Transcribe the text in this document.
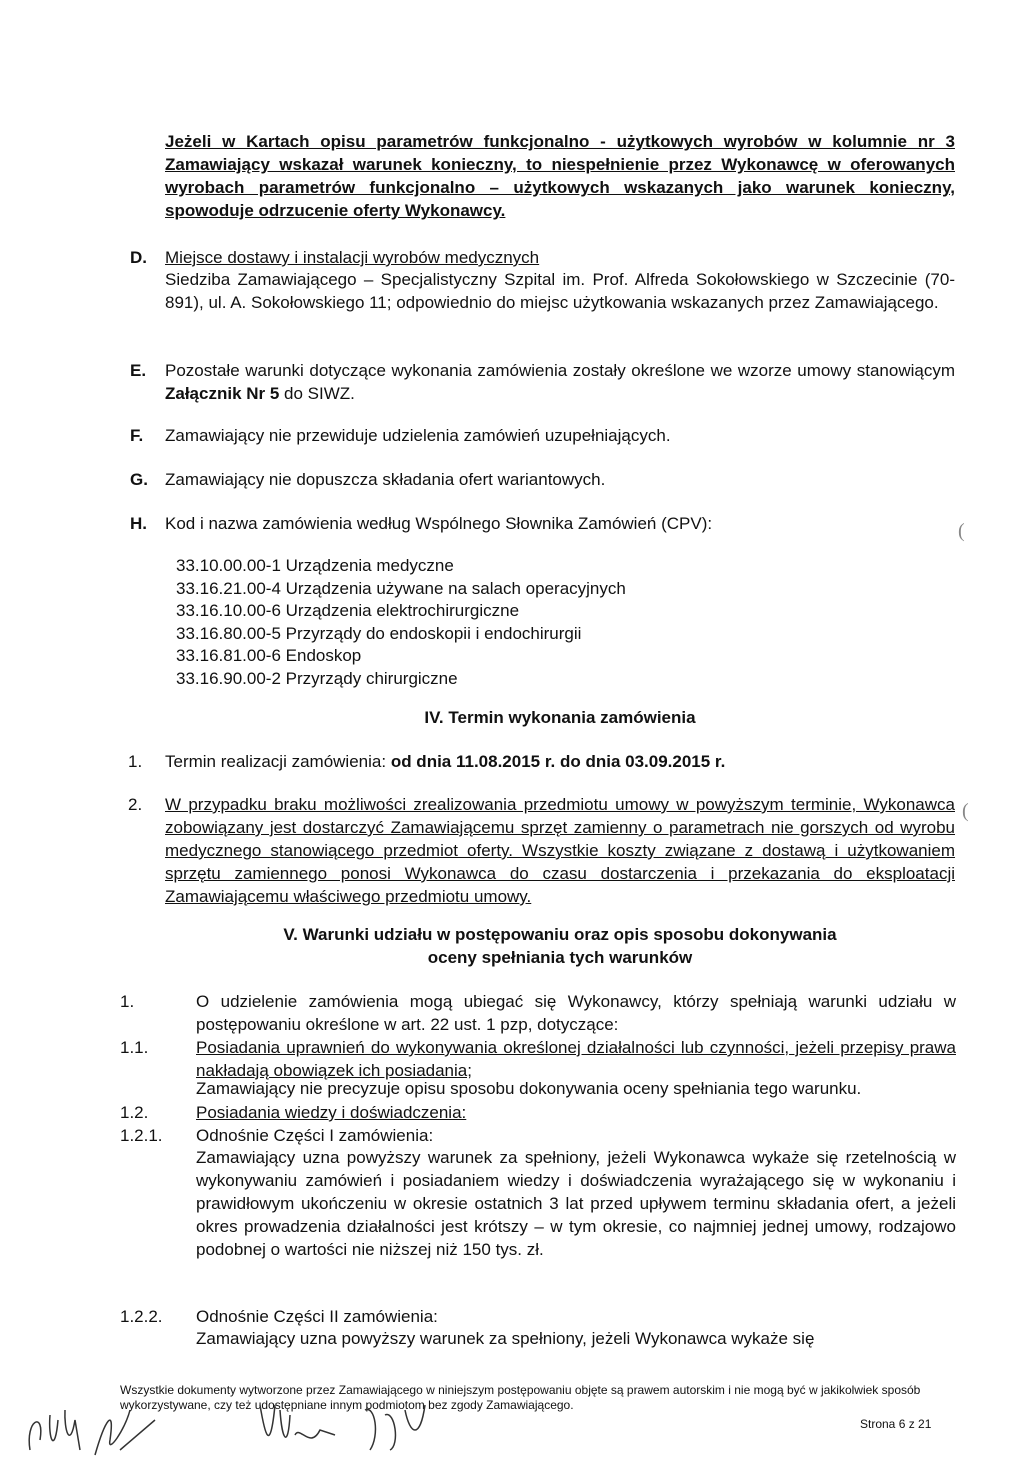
Jeżeli w Kartach opisu parametrów funkcjonalno - użytkowych wyrobów w kolumnie nr 3 Zamawiający wskazał warunek konieczny, to niespełnienie przez Wykonawcę w oferowanych wyrobach parametrów funkcjonalno – użytkowych wskazanych jako warunek konieczny, spowoduje odrzucenie oferty Wykonawcy.
D. Miejsce dostawy i instalacji wyrobów medycznych
Siedziba Zamawiającego – Specjalistyczny Szpital im. Prof. Alfreda Sokołowskiego w Szczecinie (70-891), ul. A. Sokołowskiego 11; odpowiednio do miejsc użytkowania wskazanych przez Zamawiającego.
E. Pozostałe warunki dotyczące wykonania zamówienia zostały określone we wzorze umowy stanowiącym Załącznik Nr 5 do SIWZ.
F. Zamawiający nie przewiduje udzielenia zamówień uzupełniających.
G. Zamawiający nie dopuszcza składania ofert wariantowych.
H. Kod i nazwa zamówienia według Wspólnego Słownika Zamówień (CPV):
33.10.00.00-1 Urządzenia medyczne
33.16.21.00-4 Urządzenia używane na salach operacyjnych
33.16.10.00-6 Urządzenia elektrochirurgiczne
33.16.80.00-5 Przyrządy do endoskopii i endochirurgii
33.16.81.00-6 Endoskop
33.16.90.00-2 Przyrządy chirurgiczne
IV. Termin wykonania zamówienia
1. Termin realizacji zamówienia: od dnia 11.08.2015 r. do dnia 03.09.2015 r.
2. W przypadku braku możliwości zrealizowania przedmiotu umowy w powyższym terminie, Wykonawca zobowiązany jest dostarczyć Zamawiającemu sprzęt zamienny o parametrach nie gorszych od wyrobu medycznego stanowiącego przedmiot oferty. Wszystkie koszty związane z dostawą i użytkowaniem sprzętu zamiennego ponosi Wykonawca do czasu dostarczenia i przekazania do eksploatacji Zamawiającemu właściwego przedmiotu umowy.
V. Warunki udziału w postępowaniu oraz opis sposobu dokonywania
oceny spełniania tych warunków
1.	O udzielenie zamówienia mogą ubiegać się Wykonawcy, którzy spełniają warunki udziału w postępowaniu określone w art. 22 ust. 1 pzp, dotyczące:
1.1.	Posiadania uprawnień do wykonywania określonej działalności lub czynności, jeżeli przepisy prawa nakładają obowiązek ich posiadania;
Zamawiający nie precyzuje opisu sposobu dokonywania oceny spełniania tego warunku.
1.2.	Posiadania wiedzy i doświadczenia:
1.2.1. Odnośnie Części I zamówienia:
Zamawiający uzna powyższy warunek za spełniony, jeżeli Wykonawca wykaże się rzetelnością w wykonywaniu zamówień i posiadaniem wiedzy i doświadczenia wyrażającego się w wykonaniu i prawidłowym ukończeniu w okresie ostatnich 3 lat przed upływem terminu składania ofert, a jeżeli okres prowadzenia działalności jest krótszy – w tym okresie, co najmniej jednej umowy, rodzajowo podobnej o wartości nie niższej niż 150 tys. zł.
1.2.2. Odnośnie Części II zamówienia:
Zamawiający uzna powyższy warunek za spełniony, jeżeli Wykonawca wykaże się
Wszystkie dokumenty wytworzone przez Zamawiającego w niniejszym postępowaniu objęte są prawem autorskim i nie mogą być w jakikolwiek sposób wykorzystywane, czy też udostępniane innym podmiotom bez zgody Zamawiającego.
Strona 6 z 21
(
(
